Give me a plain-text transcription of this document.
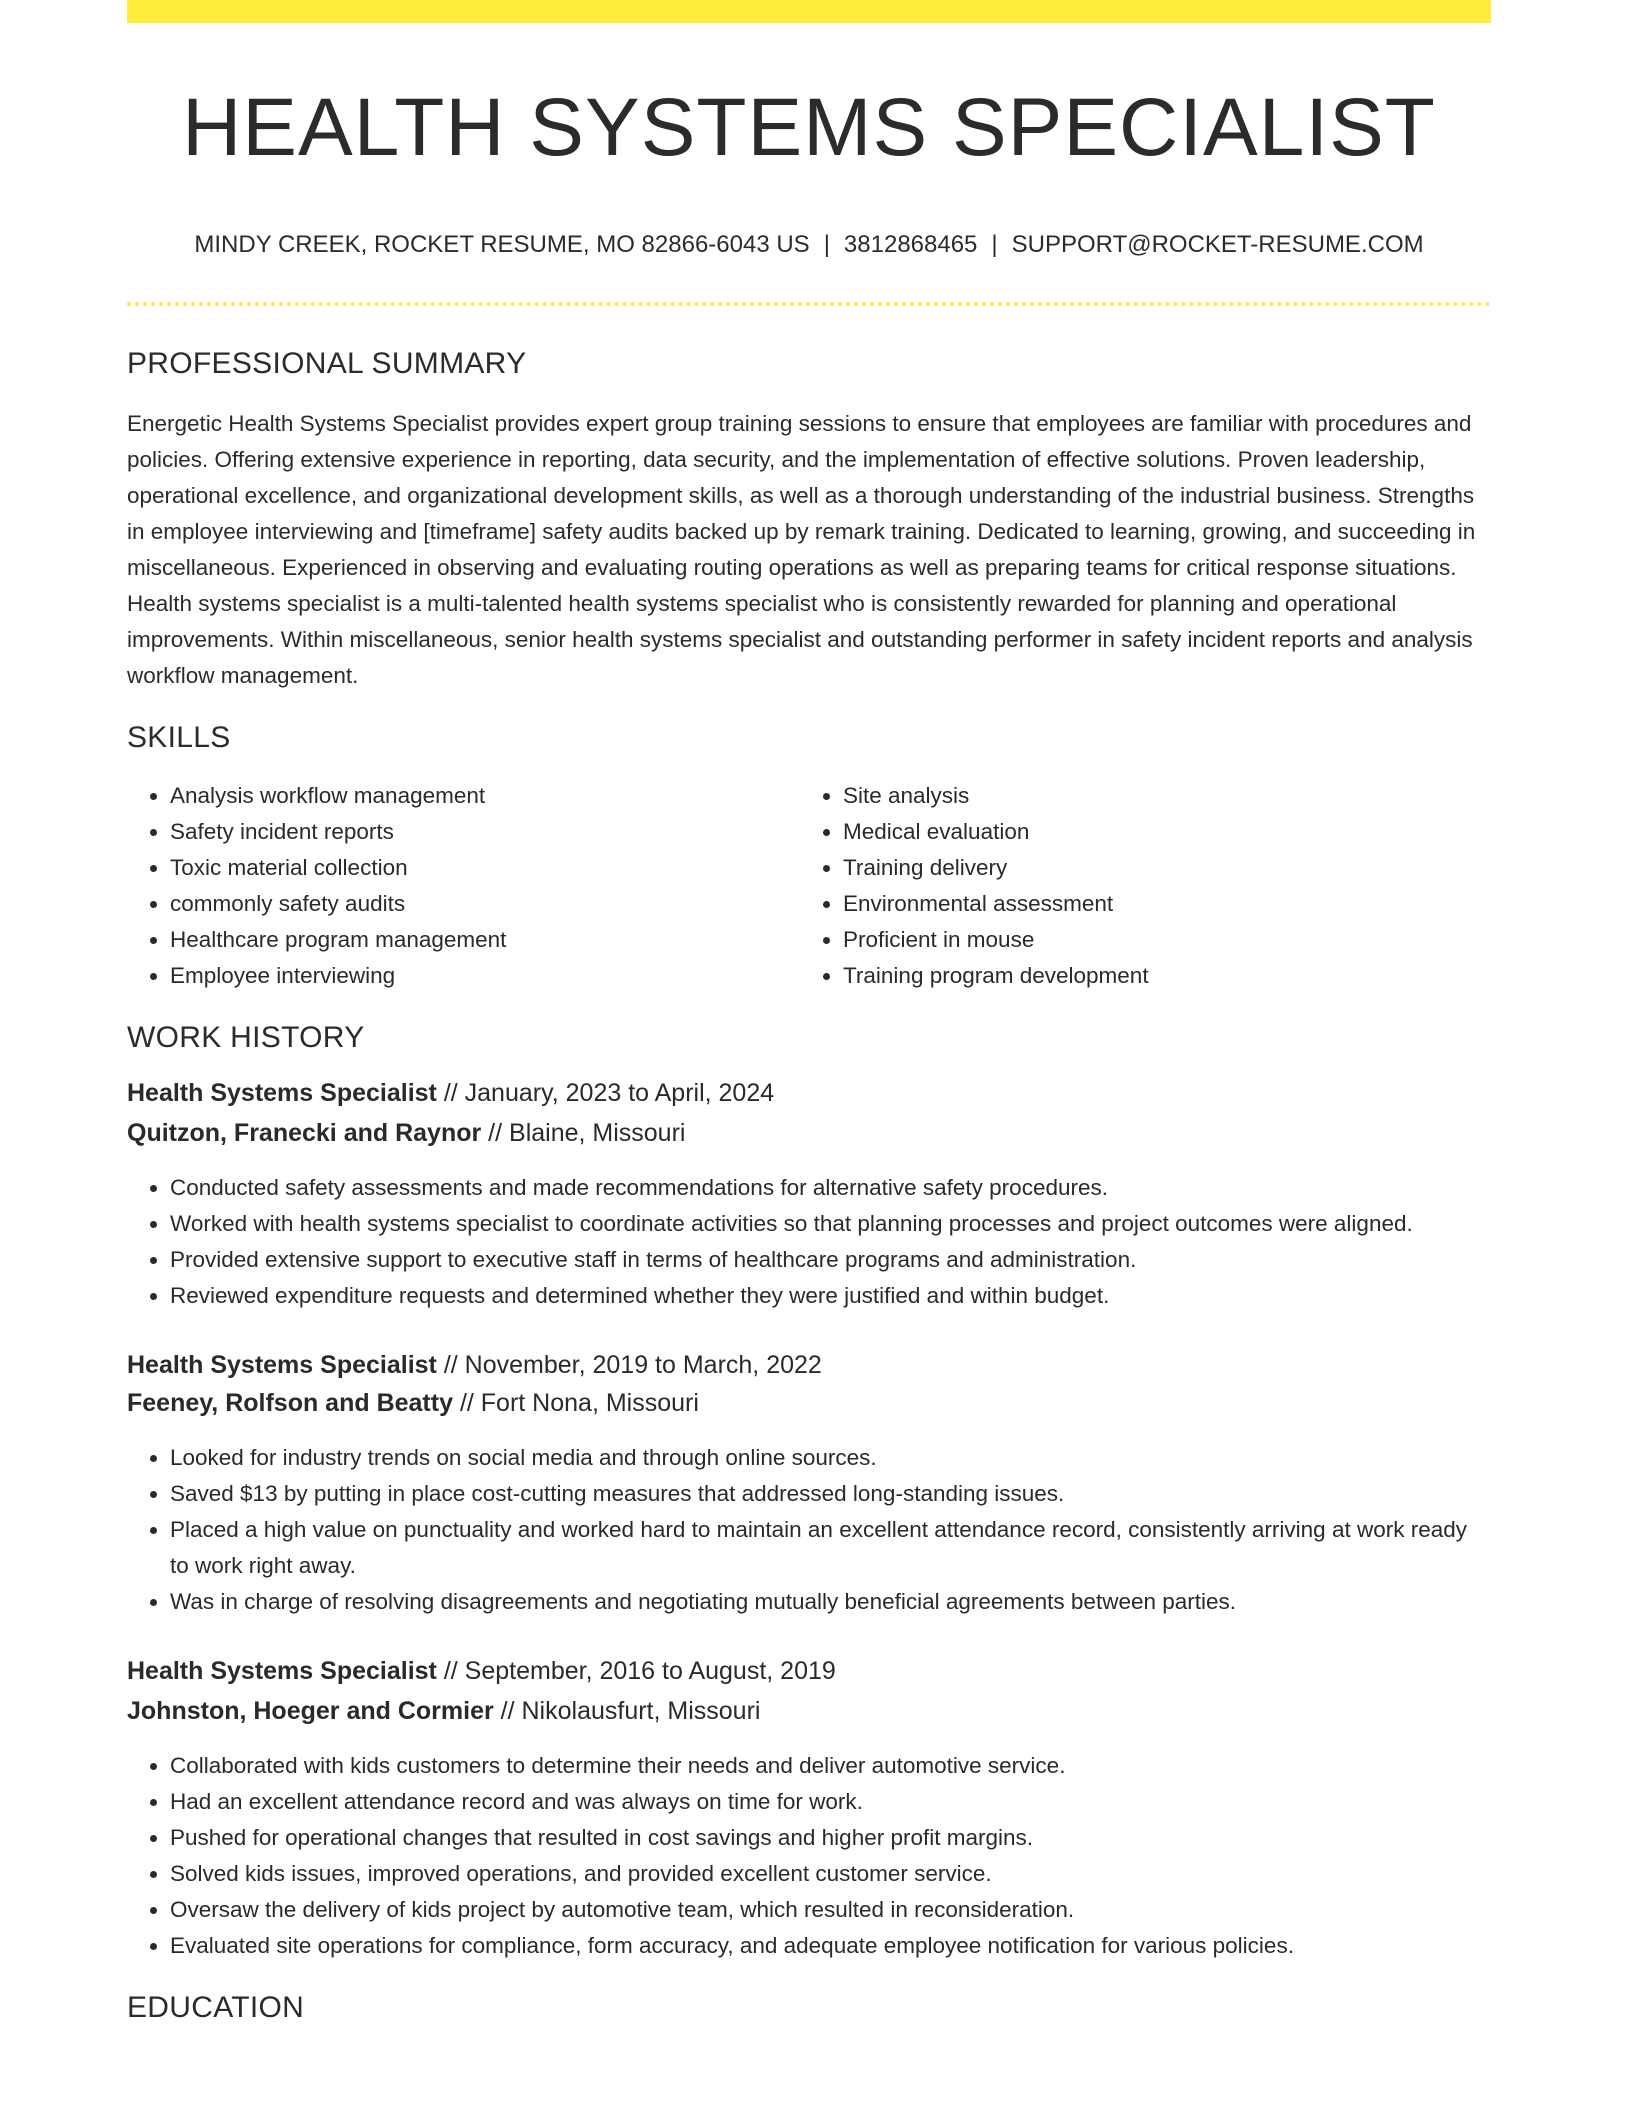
HEALTH SYSTEMS SPECIALIST
MINDY CREEK, ROCKET RESUME, MO 82866-6043 US | 3812868465 | SUPPORT@ROCKET-RESUME.COM
PROFESSIONAL SUMMARY
Energetic Health Systems Specialist provides expert group training sessions to ensure that employees are familiar with procedures and policies. Offering extensive experience in reporting, data security, and the implementation of effective solutions. Proven leadership, operational excellence, and organizational development skills, as well as a thorough understanding of the industrial business. Strengths in employee interviewing and [timeframe] safety audits backed up by remark training. Dedicated to learning, growing, and succeeding in miscellaneous. Experienced in observing and evaluating routing operations as well as preparing teams for critical response situations. Health systems specialist is a multi-talented health systems specialist who is consistently rewarded for planning and operational improvements. Within miscellaneous, senior health systems specialist and outstanding performer in safety incident reports and analysis workflow management.
SKILLS
• Analysis workflow management
• Safety incident reports
• Toxic material collection
• commonly safety audits
• Healthcare program management
• Employee interviewing
• Site analysis
• Medical evaluation
• Training delivery
• Environmental assessment
• Proficient in mouse
• Training program development
WORK HISTORY
Health Systems Specialist // January, 2023 to April, 2024
Quitzon, Franecki and Raynor // Blaine, Missouri
• Conducted safety assessments and made recommendations for alternative safety procedures.
• Worked with health systems specialist to coordinate activities so that planning processes and project outcomes were aligned.
• Provided extensive support to executive staff in terms of healthcare programs and administration.
• Reviewed expenditure requests and determined whether they were justified and within budget.
Health Systems Specialist // November, 2019 to March, 2022
Feeney, Rolfson and Beatty // Fort Nona, Missouri
• Looked for industry trends on social media and through online sources.
• Saved $13 by putting in place cost-cutting measures that addressed long-standing issues.
• Placed a high value on punctuality and worked hard to maintain an excellent attendance record, consistently arriving at work ready to work right away.
• Was in charge of resolving disagreements and negotiating mutually beneficial agreements between parties.
Health Systems Specialist // September, 2016 to August, 2019
Johnston, Hoeger and Cormier // Nikolausfurt, Missouri
• Collaborated with kids customers to determine their needs and deliver automotive service.
• Had an excellent attendance record and was always on time for work.
• Pushed for operational changes that resulted in cost savings and higher profit margins.
• Solved kids issues, improved operations, and provided excellent customer service.
• Oversaw the delivery of kids project by automotive team, which resulted in reconsideration.
• Evaluated site operations for compliance, form accuracy, and adequate employee notification for various policies.
EDUCATION
